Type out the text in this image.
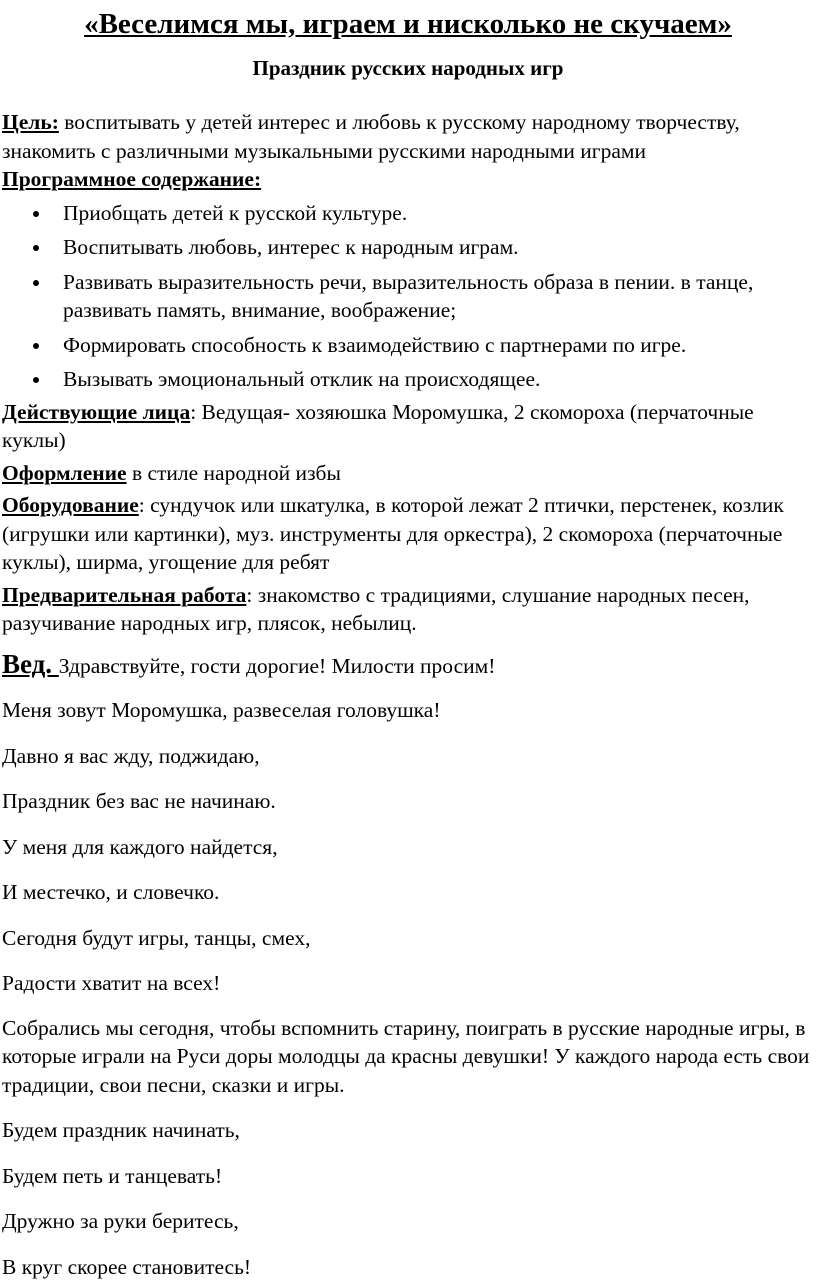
«Веселимся мы, играем и нисколько не скучаем»
Праздник русских народных игр

Цель: воспитывать у детей интерес и любовь к русскому народному творчеству, знакомить с различными музыкальными русскими народными играми

Программное содержание:

Приобщать детей к русской культуре.
Воспитывать любовь, интерес к народным играм.
Развивать выразительность речи, выразительность образа в пении. в танце, развивать память, внимание, воображение;
Формировать способность к взаимодействию с партнерами по игре.
Вызывать эмоциональный отклик на происходящее.

Действующие лица: Ведущая- хозяюшка Моромушка, 2 скомороха (перчаточные куклы)

Оформление в стиле народной избы

Оборудование: сундучок или шкатулка, в которой лежат 2 птички, перстенек, козлик (игрушки или картинки), муз. инструменты для оркестра), 2 скомороха (перчаточные куклы), ширма, угощение для ребят

Предварительная работа: знакомство с традициями, слушание народных песен, разучивание народных игр, плясок, небылиц.

Вед. Здравствуйте, гости дорогие! Милости просим!

Меня зовут Моромушка, развеселая головушка!

Давно я вас жду, поджидаю,

Праздник без вас не начинаю.

У меня для каждого найдется,

И местечко, и словечко.

Сегодня будут игры, танцы, смех,

Радости хватит на всех!

Собрались мы сегодня, чтобы вспомнить старину, поиграть в русские народные игры, в которые играли на Руси доры молодцы да красны девушки! У каждого народа есть свои традиции, свои песни, сказки и игры.

Будем праздник начинать,

Будем петь и танцевать!

Дружно за руки беритесь,

В круг скорее становитесь!
